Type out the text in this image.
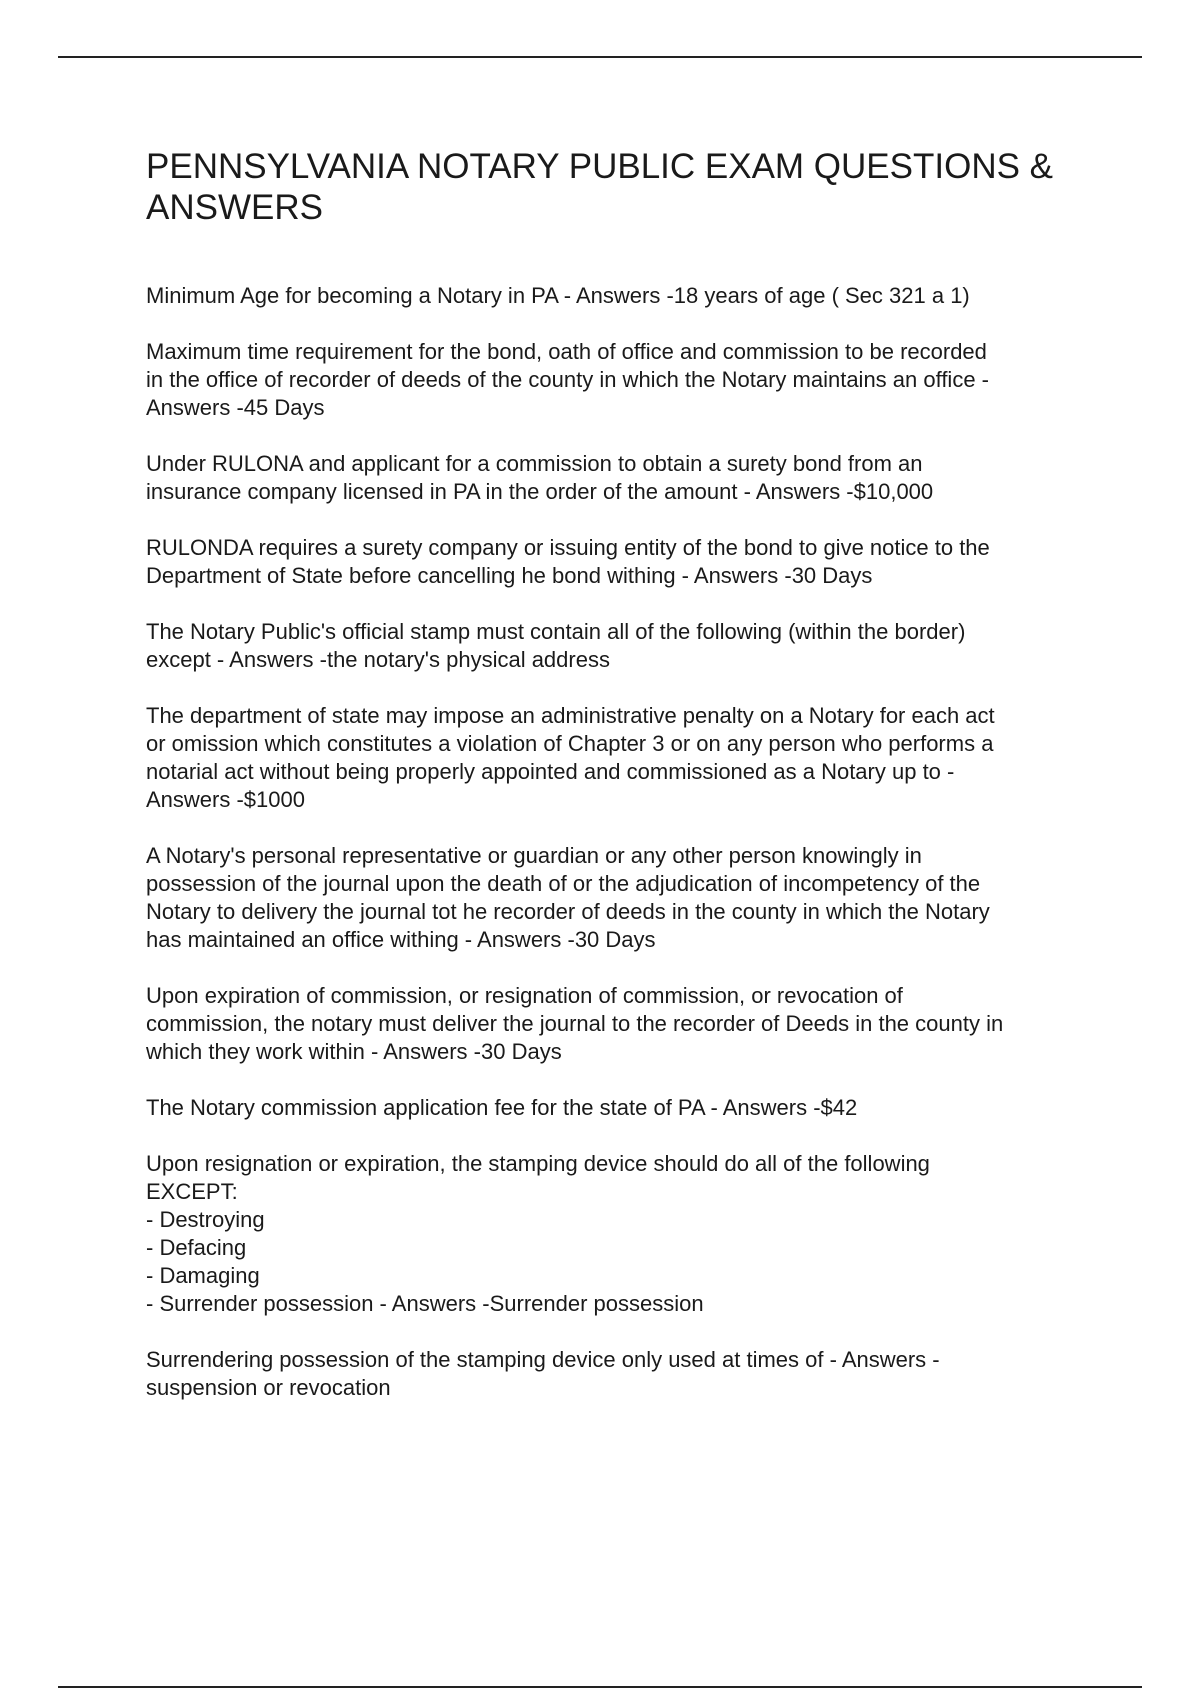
PENNSYLVANIA NOTARY PUBLIC EXAM QUESTIONS & ANSWERS

Minimum Age for becoming a Notary in PA - Answers -18 years of age ( Sec 321 a 1)

Maximum time requirement for the bond, oath of office and commission to be recorded
in the office of recorder of deeds of the county in which the Notary maintains an office -
Answers -45 Days

Under RULONA and applicant for a commission to obtain a surety bond from an
insurance company licensed in PA in the order of the amount - Answers -$10,000

RULONDA requires a surety company or issuing entity of the bond to give notice to the
Department of State before cancelling he bond withing - Answers -30 Days

The Notary Public's official stamp must contain all of the following (within the border)
except - Answers -the notary's physical address

The department of state may impose an administrative penalty on a Notary for each act
or omission which constitutes a violation of Chapter 3 or on any person who performs a
notarial act without being properly appointed and commissioned as a Notary up to -
Answers -$1000

A Notary's personal representative or guardian or any other person knowingly in
possession of the journal upon the death of or the adjudication of incompetency of the
Notary to delivery the journal tot he recorder of deeds in the county in which the Notary
has maintained an office withing - Answers -30 Days

Upon expiration of commission, or resignation of commission, or revocation of
commission, the notary must deliver the journal to the recorder of Deeds in the county in
which they work within - Answers -30 Days

The Notary commission application fee for the state of PA - Answers -$42

Upon resignation or expiration, the stamping device should do all of the following
EXCEPT:
- Destroying
- Defacing
- Damaging
- Surrender possession - Answers -Surrender possession

Surrendering possession of the stamping device only used at times of - Answers -
suspension or revocation
